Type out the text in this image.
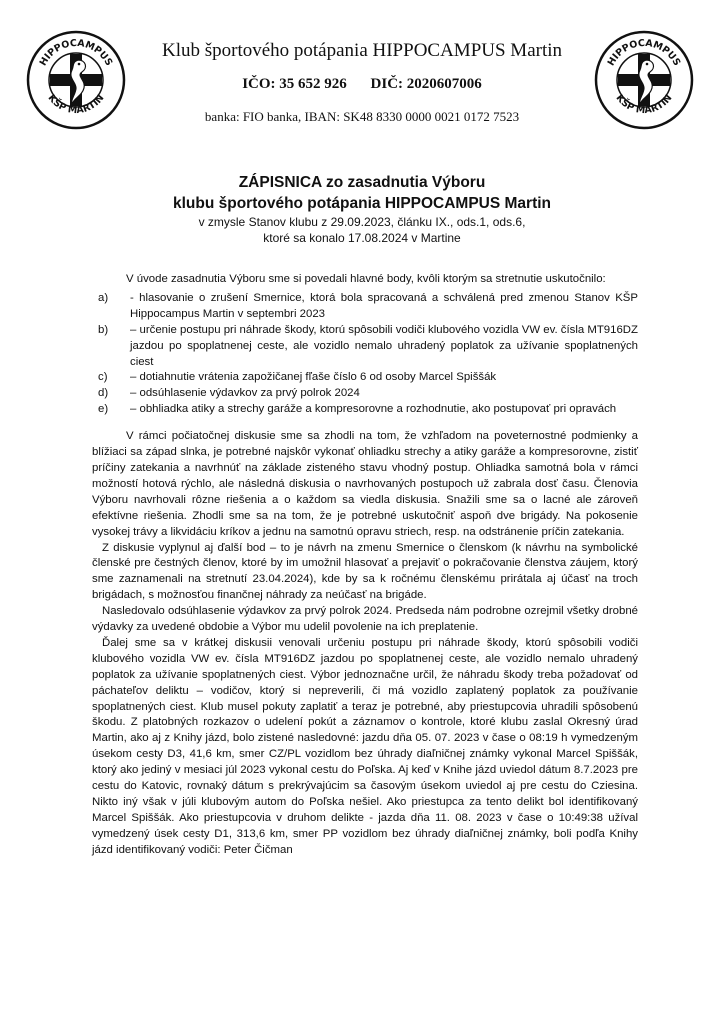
HIPPOCAMPUS
KŠP MARTIN
HIPPOCAMPUS
KŠP MARTIN
Klub športového potápania HIPPOCAMPUS Martin
IČO: 35 652 926 DIČ: 2020607006
banka: FIO banka, IBAN: SK48 8330 0000 0021 0172 7523
ZÁPISNICA zo zasadnutia Výboru
klubu športového potápania HIPPOCAMPUS Martin
v zmysle Stanov klubu z 29.09.2023, článku IX., ods.1, ods.6,
ktoré sa konalo 17.08.2024 v Martine

V úvode zasadnutia Výboru sme si povedali hlavné body, kvôli ktorým sa stretnutie uskutočnilo:

a)	- hlasovanie o zrušení Smernice, ktorá bola spracovaná a schválená pred zmenou Stanov KŠP Hippocampus Martin v septembri 2023
b)	– určenie postupu pri náhrade škody, ktorú spôsobili vodiči klubového vozidla VW ev. čísla MT916DZ jazdou po spoplatnenej ceste, ale vozidlo nemalo uhradený poplatok za užívanie spoplatnených ciest
c)	– dotiahnutie vrátenia zapožičanej fľaše číslo 6 od osoby Marcel Spiššák
d)	– odsúhlasenie výdavkov za prvý polrok 2024
e)	– obhliadka atiky a strechy garáže a kompresorovne a rozhodnutie, ako postupovať pri opravách

V rámci počiatočnej diskusie sme sa zhodli na tom, že vzhľadom na poveternostné podmienky a blížiaci sa západ slnka, je potrebné najskôr vykonať ohliadku strechy a atiky garáže a kompresorovne, zistiť príčiny zatekania a navrhnúť na základe zisteného stavu vhodný postup. Ohliadka samotná bola v rámci možností hotová rýchlo, ale následná diskusia o navrhovaných postupoch už zabrala dosť času. Členovia Výboru navrhovali rôzne riešenia a o každom sa viedla diskusia. Snažili sme sa o lacné ale zároveň efektívne riešenia. Zhodli sme sa na tom, že je potrebné uskutočniť aspoň dve brigády. Na pokosenie vysokej trávy a likvidáciu kríkov a jednu na samotnú opravu striech, resp. na odstránenie príčin zatekania.

Z diskusie vyplynul aj ďalší bod – to je návrh na zmenu Smernice o členskom (k návrhu na symbolické členské pre čestných členov, ktoré by im umožnil hlasovať a prejaviť o pokračovanie členstva záujem, ktorý sme zaznamenali na stretnutí 23.04.2024), kde by sa k ročnému členskému prirátala aj účasť na troch brigádach, s možnosťou finančnej náhrady za neúčasť na brigáde.

Nasledovalo odsúhlasenie výdavkov za prvý polrok 2024. Predseda nám podrobne ozrejmil všetky drobné výdavky za uvedené obdobie a Výbor mu udelil povolenie na ich preplatenie.

Ďalej sme sa v krátkej diskusii venovali určeniu postupu pri náhrade škody, ktorú spôsobili vodiči klubového vozidla VW ev. čísla MT916DZ jazdou po spoplatnenej ceste, ale vozidlo nemalo uhradený poplatok za užívanie spoplatnených ciest. Výbor jednoznačne určil, že náhradu škody treba požadovať od páchateľov deliktu – vodičov, ktorý si nepreverili, či má vozidlo zaplatený poplatok za používanie spoplatnených ciest. Klub musel pokuty zaplatiť a teraz je potrebné, aby priestupcovia uhradili spôsobenú škodu. Z platobných rozkazov o udelení pokút a záznamov o kontrole, ktoré klubu zaslal Okresný úrad Martin, ako aj z Knihy jázd, bolo zistené nasledovné: jazdu dňa 05. 07. 2023 v čase o 08:19 h vymedzeným úsekom cesty D3, 41,6 km, smer CZ/PL vozidlom bez úhrady diaľničnej známky vykonal Marcel Spiššák, ktorý ako jediný v mesiaci júl 2023 vykonal cestu do Poľska. Aj keď v Knihe jázd uviedol dátum 8.7.2023 pre cestu do Katovic, rovnaký dátum s prekrývajúcim sa časovým úsekom uviedol aj pre cestu do Cziesina. Nikto iný však v júli klubovým autom do Poľska nešiel. Ako priestupca za tento delikt bol identifikovaný Marcel Spiššák. Ako priestupcovia v druhom delikte - jazda dňa 11. 08. 2023 v čase o 10:49:38 užíval vymedzený úsek cesty D1, 313,6 km, smer PP vozidlom bez úhrady diaľničnej známky, boli podľa Knihy jázd identifikovaný vodiči: Peter Čičman
